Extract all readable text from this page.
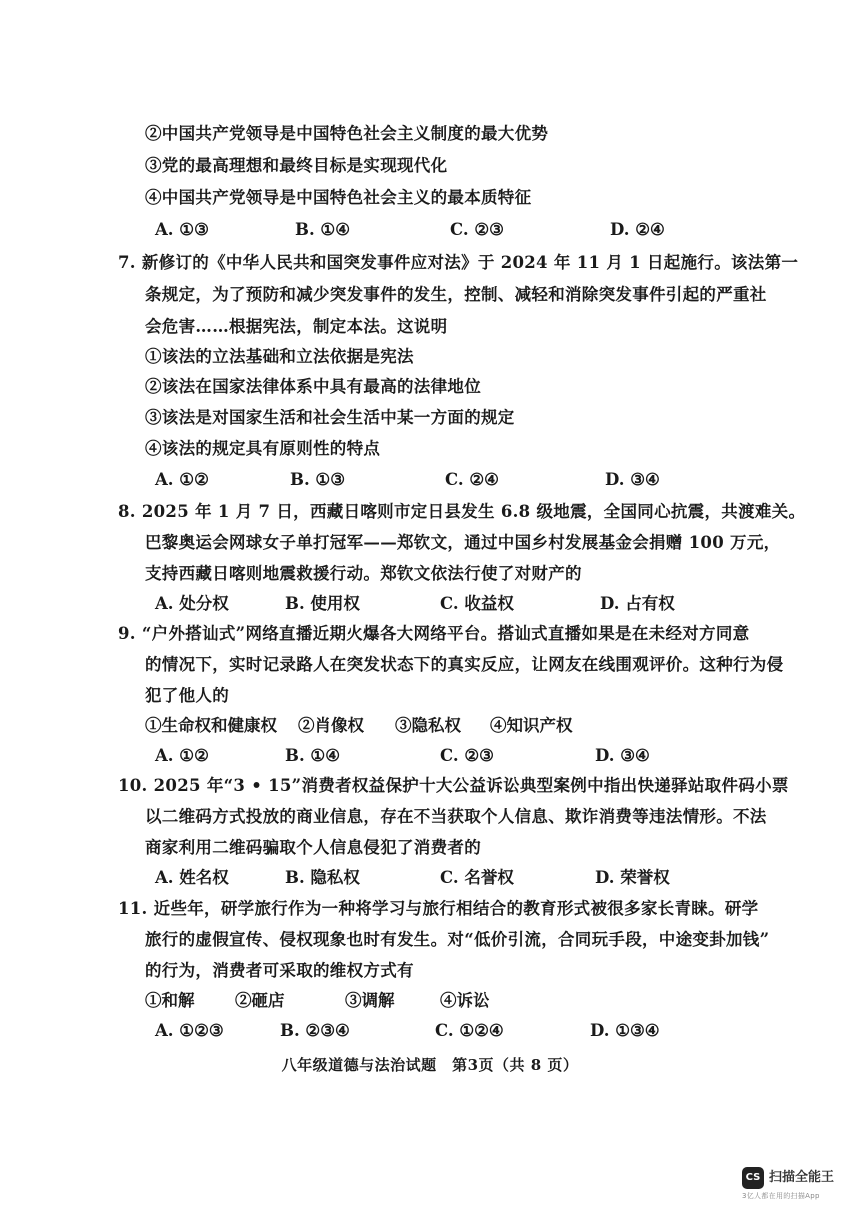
②中国共产党领导是中国特色社会主义制度的最大优势
③党的最高理想和最终目标是实现现代化
④中国共产党领导是中国特色社会主义的最本质特征
A. ①③	B. ①④	C. ②③	D. ②④
7. 新修订的《中华人民共和国突发事件应对法》于 2024 年 11 月 1 日起施行。该法第一
条规定，为了预防和减少突发事件的发生，控制、减轻和消除突发事件引起的严重社
会危害……根据宪法，制定本法。这说明
①该法的立法基础和立法依据是宪法
②该法在国家法律体系中具有最高的法律地位
③该法是对国家生活和社会生活中某一方面的规定
④该法的规定具有原则性的特点
A. ①②	B. ①③	C. ②④	D. ③④
8. 2025 年 1 月 7 日，西藏日喀则市定日县发生 6.8 级地震，全国同心抗震，共渡难关。
巴黎奥运会网球女子单打冠军——郑钦文，通过中国乡村发展基金会捐赠 100 万元，
支持西藏日喀则地震救援行动。郑钦文依法行使了对财产的
A. 处分权	B. 使用权	C. 收益权	D. 占有权
9. “户外搭讪式”网络直播近期火爆各大网络平台。搭讪式直播如果是在未经对方同意
的情况下，实时记录路人在突发状态下的真实反应，让网友在线围观评价。这种行为侵
犯了他人的
①生命权和健康权 ②肖像权 ③隐私权 ④知识产权
A. ①②	B. ①④	C. ②③	D. ③④
10. 2025 年“3 • 15”消费者权益保护十大公益诉讼典型案例中指出快递驿站取件码小票
以二维码方式投放的商业信息，存在不当获取个人信息、欺诈消费等违法情形。不法
商家利用二维码骗取个人信息侵犯了消费者的
A. 姓名权	B. 隐私权	C. 名誉权	D. 荣誉权
11. 近些年，研学旅行作为一种将学习与旅行相结合的教育形式被很多家长青睐。研学
旅行的虚假宣传、侵权现象也时有发生。对“低价引流，合同玩手段，中途变卦加钱”
的行为，消费者可采取的维权方式有
①和解 ②砸店	③调解	④诉讼
A. ①②③	B. ②③④	C. ①②④	D. ①③④
八年级道德与法治试题　第3页（共 8 页）
CS 扫描全能王
3亿人都在用的扫描App
